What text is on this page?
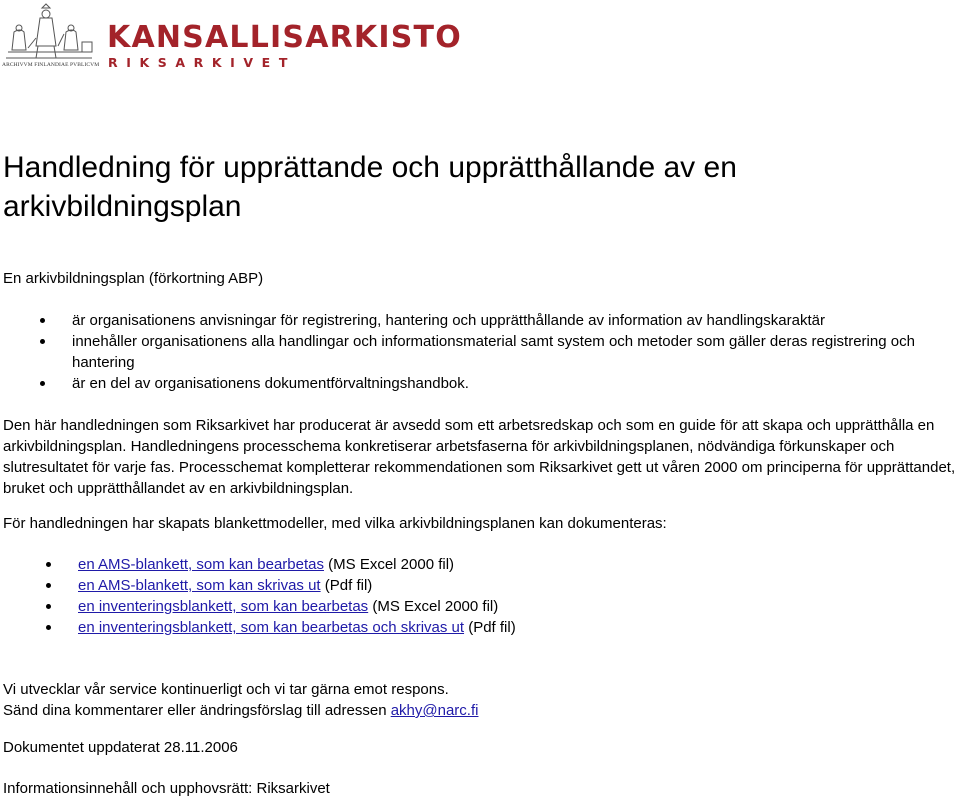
ARCHIVVM FINLANDIAE PVBLICVM

KANSALLISARKISTO

RIKSARKIVET

Handledning för upprättande och upprätthållande av en arkivbildningsplan

En arkivbildningsplan (förkortning ABP)

är organisationens anvisningar för registrering, hantering och upprätthållande av information av handlingskaraktär
innehåller organisationens alla handlingar och informationsmaterial samt system och metoder som gäller deras registrering och hantering
är en del av organisationens dokumentförvaltningshandbok.

Den här handledningen som Riksarkivet har producerat är avsedd som ett arbetsredskap och som en guide för att skapa och upprätthålla en arkivbildningsplan. Handledningens processchema konkretiserar arbetsfaserna för arkivbildningsplanen, nödvändiga förkunskaper och slutresultatet för varje fas. Processchemat kompletterar rekommendationen som Riksarkivet gett ut våren 2000 om principerna för upprättandet, bruket och upprätthållandet av en arkivbildningsplan.

För handledningen har skapats blankettmodeller, med vilka arkivbildningsplanen kan dokumenteras:

en AMS-blankett, som kan bearbetas (MS Excel 2000 fil)
en AMS-blankett, som kan skrivas ut (Pdf fil)
en inventeringsblankett, som kan bearbetas (MS Excel 2000 fil)
en inventeringsblankett, som kan bearbetas och skrivas ut (Pdf fil)
Vi utvecklar vår service kontinuerligt och vi tar gärna emot respons.
Sänd dina kommentarer eller ändringsförslag till adressen akhy@narc.fi

Dokumentet uppdaterat 28.11.2006

Informationsinnehåll och upphovsrätt: Riksarkivet
